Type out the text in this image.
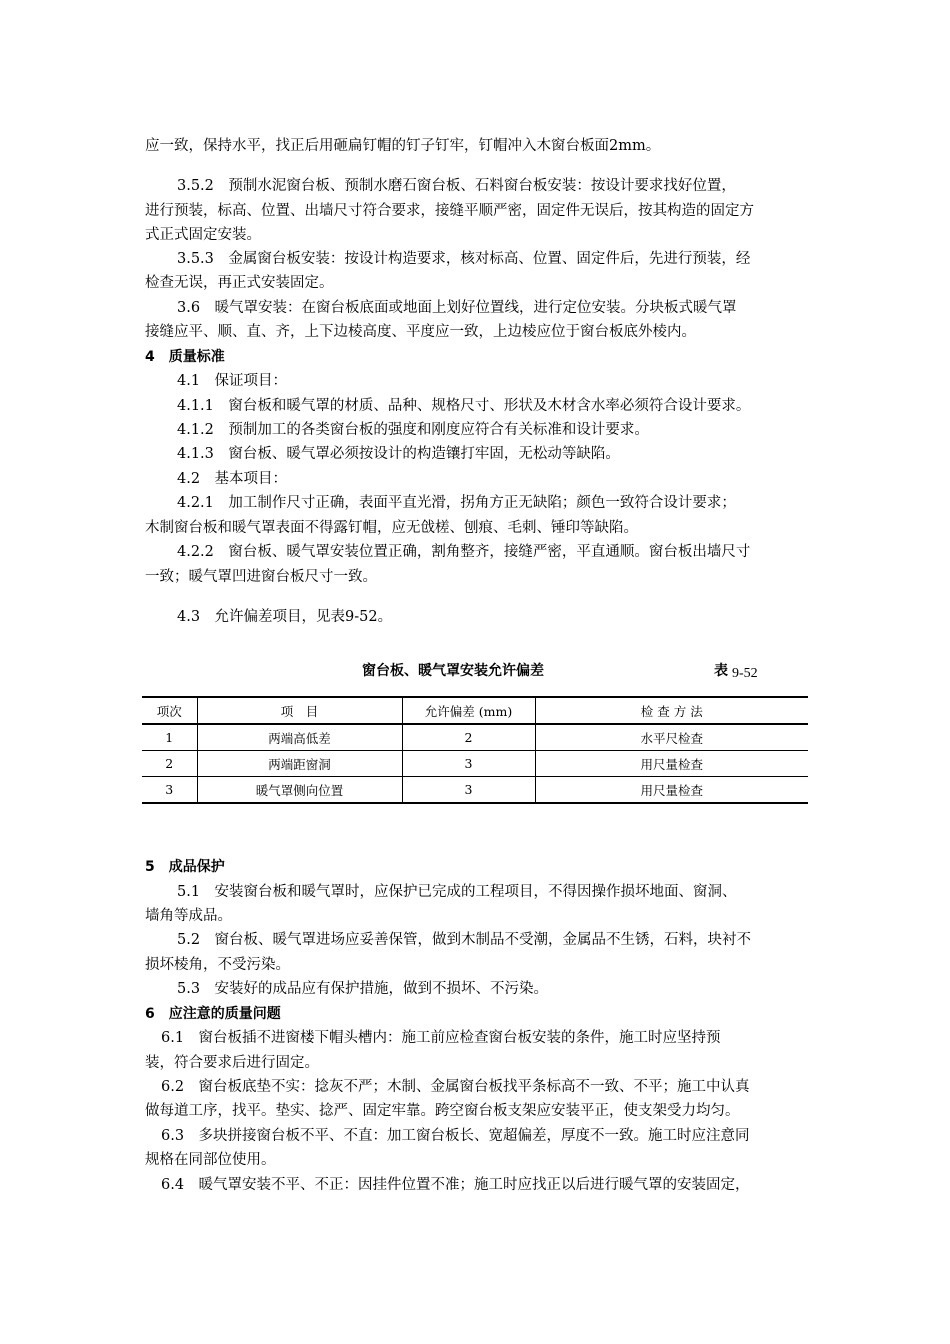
应一致，保持水平，找正后用砸扁钉帽的钉子钉牢，钉帽冲入木窗台板面2mm。
3.5.2　预制水泥窗台板、预制水磨石窗台板、石料窗台板安装：按设计要求找好位置，
进行预装，标高、位置、出墙尺寸符合要求，接缝平顺严密，固定件无误后，按其构造的固定方
式正式固定安装。
3.5.3　金属窗台板安装：按设计构造要求，核对标高、位置、固定件后，先进行预装，经
检查无误，再正式安装固定。
3.6　暖气罩安装：在窗台板底面或地面上划好位置线，进行定位安装。分块板式暖气罩
接缝应平、顺、直、齐，上下边棱高度、平度应一致，上边棱应位于窗台板底外棱内。
4　质量标准
4.1　保证项目：
4.1.1　窗台板和暖气罩的材质、品种、规格尺寸、形状及木材含水率必须符合设计要求。
4.1.2　预制加工的各类窗台板的强度和刚度应符合有关标准和设计要求。
4.1.3　窗台板、暖气罩必须按设计的构造镶打牢固，无松动等缺陷。
4.2　基本项目：
4.2.1　加工制作尺寸正确，表面平直光滑，拐角方正无缺陷；颜色一致符合设计要求；
木制窗台板和暖气罩表面不得露钉帽，应无戗槎、刨痕、毛刺、锤印等缺陷。
4.2.2　窗台板、暖气罩安装位置正确，割角整齐，接缝严密，平直通顺。窗台板出墙尺寸
一致；暖气罩凹进窗台板尺寸一致。
4.3　允许偏差项目，见表9-52。
窗台板、暖气罩安装允许偏差	表 9-52
项次	项　目	允许偏差 (mm)	检 查 方 法
1	两端高低差	2	水平尺检查
2	两端距窗洞	3	用尺量检查
3	暖气罩侧向位置	3	用尺量检查
5　成品保护
5.1　安装窗台板和暖气罩时，应保护已完成的工程项目，不得因操作损坏地面、窗洞、
墙角等成品。
5.2　窗台板、暖气罩进场应妥善保管，做到木制品不受潮，金属品不生锈，石料，块衬不
损坏棱角，不受污染。
5.3　安装好的成品应有保护措施，做到不损坏、不污染。
6　应注意的质量问题
6.1　窗台板插不进窗楼下帽头槽内：施工前应检查窗台板安装的条件，施工时应坚持预
装，符合要求后进行固定。
6.2　窗台板底垫不实：捻灰不严；木制、金属窗台板找平条标高不一致、不平；施工中认真
做每道工序，找平。垫实、捻严、固定牢靠。跨空窗台板支架应安装平正，使支架受力均匀。
6.3　多块拼接窗台板不平、不直：加工窗台板长、宽超偏差，厚度不一致。施工时应注意同
规格在同部位使用。
6.4　暖气罩安装不平、不正：因挂件位置不准；施工时应找正以后进行暖气罩的安装固定，
